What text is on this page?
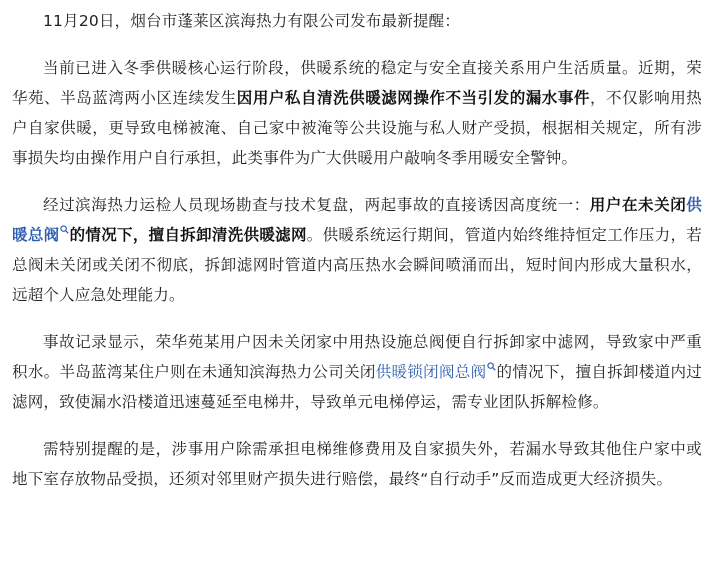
11月20日，烟台市蓬莱区滨海热力有限公司发布最新提醒：

当前已进入冬季供暖核心运行阶段，供暖系统的稳定与安全直接关系用户生活质量。近期，荣华苑、半岛蓝湾两小区连续发生因用户私自清洗供暖滤网操作不当引发的漏水事件，不仅影响用热户自家供暖，更导致电梯被淹、自己家中被淹等公共设施与私人财产受损，根据相关规定，所有涉事损失均由操作用户自行承担，此类事件为广大供暖用户敲响冬季用暖安全警钟。

经过滨海热力运检人员现场勘查与技术复盘，两起事故的直接诱因高度统一：用户在未关闭供暖总阀 的情况下，擅自拆卸清洗供暖滤网。供暖系统运行期间，管道内始终维持恒定工作压力，若总阀未关闭或关闭不彻底，拆卸滤网时管道内高压热水会瞬间喷涌而出，短时间内形成大量积水，远超个人应急处理能力。

事故记录显示，荣华苑某用户因未关闭家中用热设施总阀便自行拆卸家中滤网，导致家中严重积水。半岛蓝湾某住户则在未通知滨海热力公司关闭供暖锁闭阀总阀 的情况下，擅自拆卸楼道内过滤网，致使漏水沿楼道迅速蔓延至电梯井，导致单元电梯停运，需专业团队拆解检修。

需特别提醒的是，涉事用户除需承担电梯维修费用及自家损失外，若漏水导致其他住户家中或地下室存放物品受损，还须对邻里财产损失进行赔偿，最终“自行动手”反而造成更大经济损失。
